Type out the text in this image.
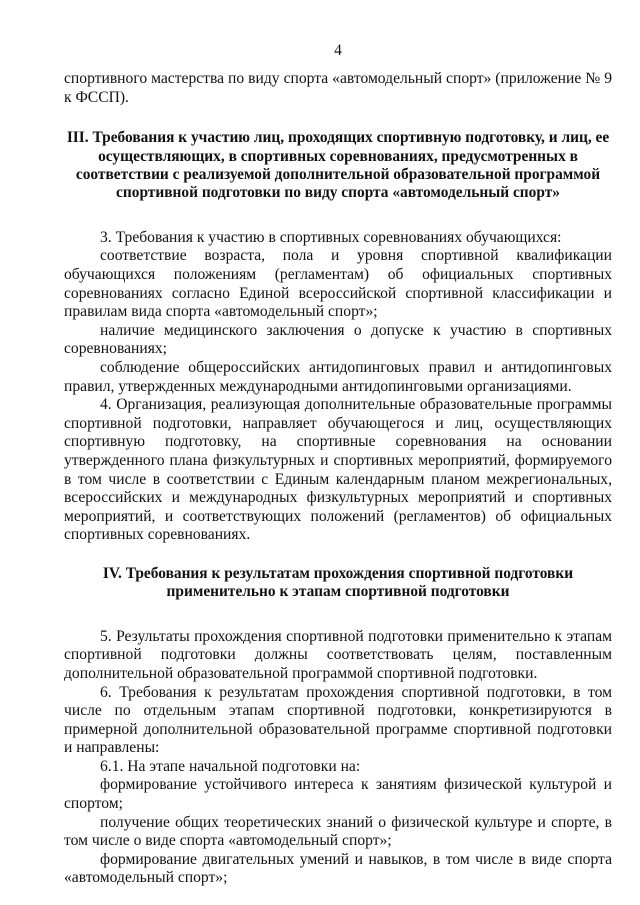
4

спортивного мастерства по виду спорта «автомодельный спорт» (приложение № 9 к ФССП).

III. Требования к участию лиц, проходящих спортивную подготовку, и лиц, ее осуществляющих, в спортивных соревнованиях, предусмотренных в соответствии с реализуемой дополнительной образовательной программой спортивной подготовки по виду спорта «автомодельный спорт»

3. Требования к участию в спортивных соревнованиях обучающихся:

соответствие возраста, пола и уровня спортивной квалификации обучающихся положениям (регламентам) об официальных спортивных соревнованиях согласно Единой всероссийской спортивной классификации и правилам вида спорта «автомодельный спорт»;

наличие медицинского заключения о допуске к участию в спортивных соревнованиях;

соблюдение общероссийских антидопинговых правил и антидопинговых правил, утвержденных международными антидопинговыми организациями.

4. Организация, реализующая дополнительные образовательные программы спортивной подготовки, направляет обучающегося и лиц, осуществляющих спортивную подготовку, на спортивные соревнования на основании утвержденного плана физкультурных и спортивных мероприятий, формируемого в том числе в соответствии с Единым календарным планом межрегиональных, всероссийских и международных физкультурных мероприятий и спортивных мероприятий, и соответствующих положений (регламентов) об официальных спортивных соревнованиях.

IV. Требования к результатам прохождения спортивной подготовки применительно к этапам спортивной подготовки

5. Результаты прохождения спортивной подготовки применительно к этапам спортивной подготовки должны соответствовать целям, поставленным дополнительной образовательной программой спортивной подготовки.

6. Требования к результатам прохождения спортивной подготовки, в том числе по отдельным этапам спортивной подготовки, конкретизируются в примерной дополнительной образовательной программе спортивной подготовки и направлены:

6.1. На этапе начальной подготовки на:

формирование устойчивого интереса к занятиям физической культурой и спортом;

получение общих теоретических знаний о физической культуре и спорте, в том числе о виде спорта «автомодельный спорт»;

формирование двигательных умений и навыков, в том числе в виде спорта «автомодельный спорт»;
